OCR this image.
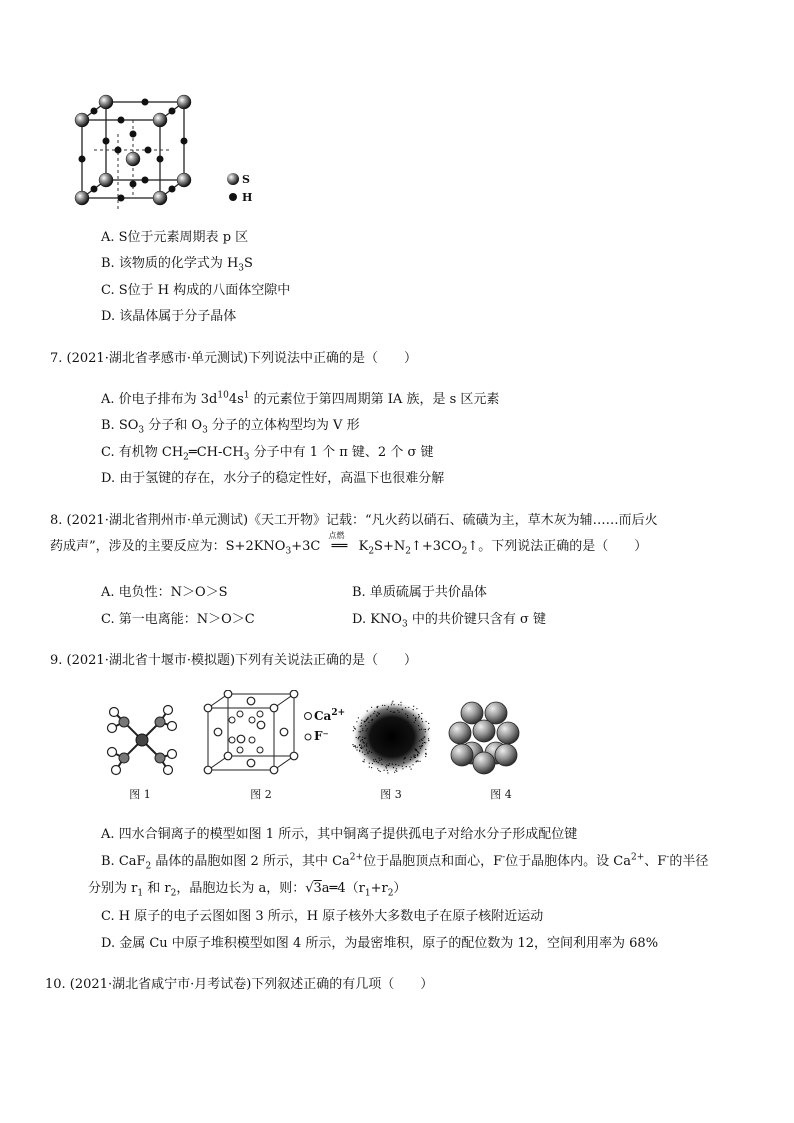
S
H
A. S位于元素周期表 p 区
B. 该物质的化学式为 $H_3S$
C. S位于 H 构成的八面体空隙中
D. 该晶体属于分子晶体
7. (2021·湖北省孝感市·单元测试)下列说法中正确的是（　　）
A. 价电子排布为 $3d^{10}4s^1$ 的元素位于第四周期第 IA 族，是 s 区元素
B. $SO_3$ 分子和 $O_3$ 分子的立体构型均为 V 形
C. 有机物 $CH_2═CH-CH_3$ 分子中有 1 个 π 键、2 个 σ 键
D. 由于氢键的存在，水分子的稳定性好，高温下也很难分解
8. (2021·湖北省荆州市·单元测试)《天工开物》记载：“凡火药以硝石、硫磺为主，草木灰为辅……而后火
药成声”，涉及的主要反应为：$S+2KNO_3+3C$
点燃
══ $K_2S+N_2↑+3CO_2↑$。下列说法正确的是（　　）
A. 电负性：N＞O＞S	B. 单质硫属于共价晶体
C. 第一电离能：N＞O＞C	D. $KNO_3$ 中的共价键只含有 σ 键
9. (2021·湖北省十堰市·模拟题)下列有关说法正确的是（　　）
$Ca^{2+}$
F⁻
图 1	图 2	图 3	图 4
A. 四水合铜离子的模型如图 1 所示，其中铜离子提供孤电子对给水分子形成配位键
B. CaF$_2$ 晶体的晶胞如图 2 所示，其中 $Ca^{2+}$位于晶胞顶点和面心，F-位于晶胞体内。设 $Ca^{2+}$、F-的半径
分别为 $r_1$ 和 $r_2$，晶胞边长为 a，则：$√3a═4(r_1+r_2)$
C. H 原子的电子云图如图 3 所示，H 原子核外大多数电子在原子核附近运动
D. 金属 Cu 中原子堆积模型如图 4 所示，为最密堆积，原子的配位数为 12，空间利用率为 68%
10. (2021·湖北省咸宁市·月考试卷)下列叙述正确的有几项（　　）
